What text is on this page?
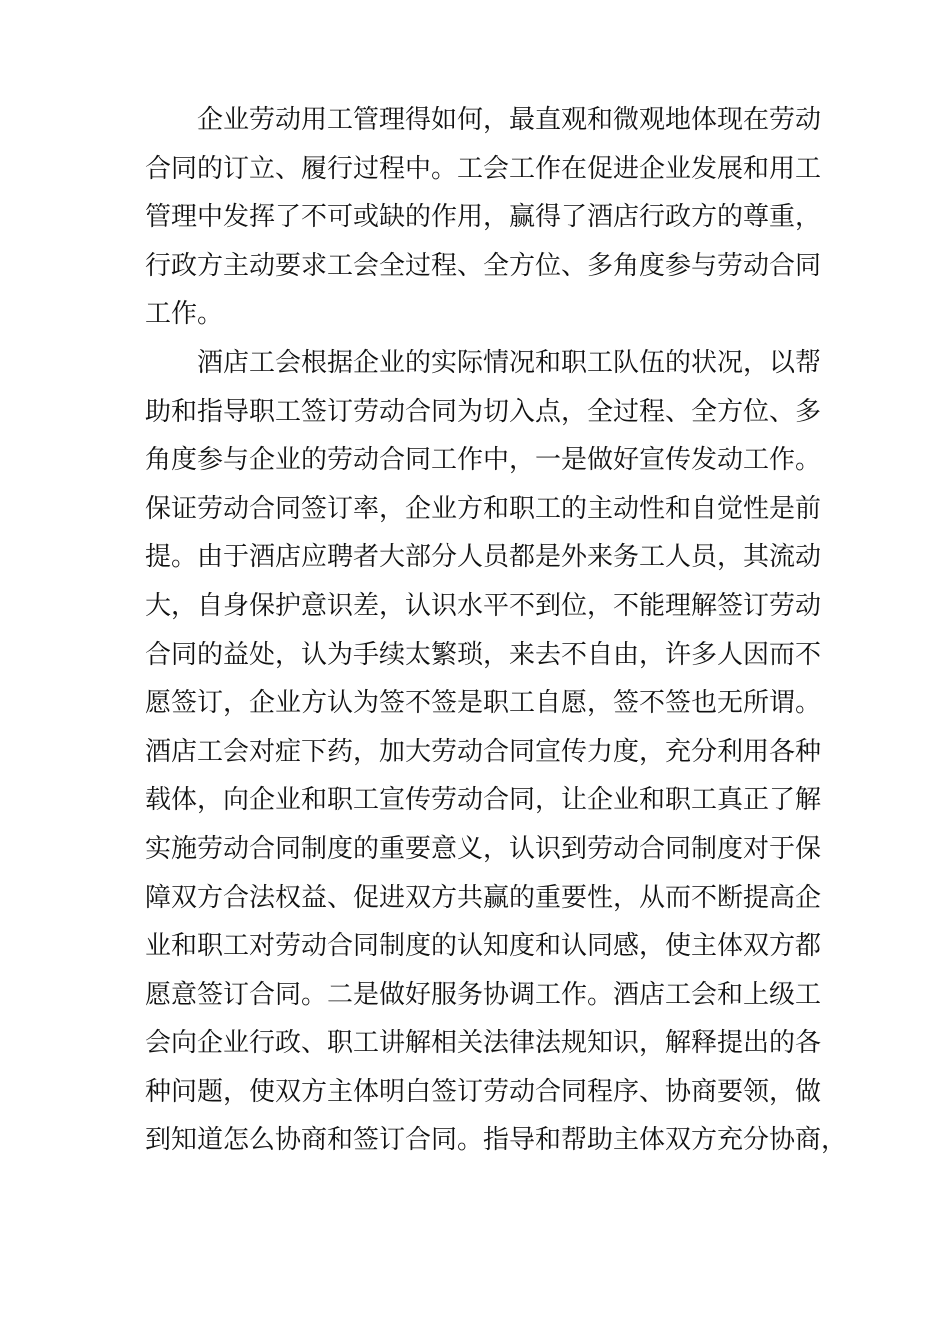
企业劳动用工管理得如何，最直观和微观地体现在劳动
合同的订立、履行过程中。工会工作在促进企业发展和用工
管理中发挥了不可或缺的作用，赢得了酒店行政方的尊重，
行政方主动要求工会全过程、全方位、多角度参与劳动合同
工作。
酒店工会根据企业的实际情况和职工队伍的状况，以帮
助和指导职工签订劳动合同为切入点，全过程、全方位、多
角度参与企业的劳动合同工作中，一是做好宣传发动工作。
保证劳动合同签订率，企业方和职工的主动性和自觉性是前
提。由于酒店应聘者大部分人员都是外来务工人员，其流动
大，自身保护意识差，认识水平不到位，不能理解签订劳动
合同的益处，认为手续太繁琐，来去不自由，许多人因而不
愿签订，企业方认为签不签是职工自愿，签不签也无所谓。
酒店工会对症下药，加大劳动合同宣传力度，充分利用各种
载体，向企业和职工宣传劳动合同，让企业和职工真正了解
实施劳动合同制度的重要意义，认识到劳动合同制度对于保
障双方合法权益、促进双方共赢的重要性，从而不断提高企
业和职工对劳动合同制度的认知度和认同感，使主体双方都
愿意签订合同。二是做好服务协调工作。酒店工会和上级工
会向企业行政、职工讲解相关法律法规知识，解释提出的各
种问题，使双方主体明白签订劳动合同程序、协商要领，做
到知道怎么协商和签订合同。指导和帮助主体双方充分协商，
